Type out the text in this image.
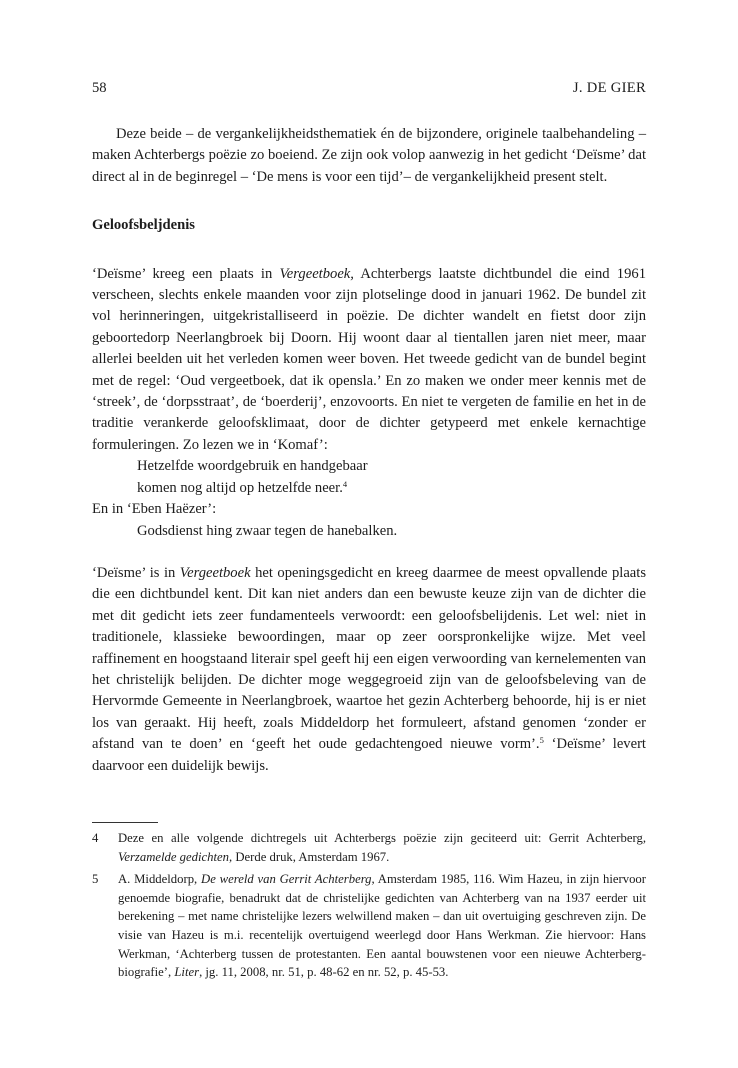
58	J. DE GIER

Deze beide – de vergankelijkheidsthematiek én de bijzondere, originele taalbehandeling – maken Achterbergs poëzie zo boeiend. Ze zijn ook volop aanwezig in het gedicht ‘Deïsme’ dat direct al in de beginregel – ‘De mens is voor een tijd’– de vergankelijkheid present stelt.

Geloofsbeljdenis

‘Deïsme’ kreeg een plaats in Vergeetboek, Achterbergs laatste dichtbundel die eind 1961 verscheen, slechts enkele maanden voor zijn plotselinge dood in januari 1962. De bundel zit vol herinneringen, uitgekristalliseerd in poëzie. De dichter wandelt en fietst door zijn geboortedorp Neerlangbroek bij Doorn. Hij woont daar al tientallen jaren niet meer, maar allerlei beelden uit het verleden komen weer boven. Het tweede gedicht van de bundel begint met de regel: ‘Oud vergeetboek, dat ik opensla.’ En zo maken we onder meer kennis met de ‘streek’, de ‘dorpsstraat’, de ‘boerderij’, enzovoorts. En niet te vergeten de familie en het in de traditie verankerde geloofsklimaat, door de dichter getypeerd met enkele kernachtige formuleringen. Zo lezen we in ‘Komaf’:

Hetzelfde woordgebruik en handgebaar

komen nog altijd op hetzelfde neer.$^4$

En in ‘Eben Haëzer’:

Godsdienst hing zwaar tegen de hanebalken.

‘Deïsme’ is in Vergeetboek het openingsgedicht en kreeg daarmee de meest opvallende plaats die een dichtbundel kent. Dit kan niet anders dan een bewuste keuze zijn van de dichter die met dit gedicht iets zeer fundamenteels verwoordt: een geloofsbelijdenis. Let wel: niet in traditionele, klassieke bewoordingen, maar op zeer oorspronkelijke wijze. Met veel raffinement en hoogstaand literair spel geeft hij een eigen verwoording van kernelementen van het christelijk belijden. De dichter moge weggegroeid zijn van de geloofsbeleving van de Hervormde Gemeente in Neerlangbroek, waartoe het gezin Achterberg behoorde, hij is er niet los van geraakt. Hij heeft, zoals Middeldorp het formuleert, afstand genomen ‘zonder er afstand van te doen’ en ‘geeft het oude gedachtengoed nieuwe vorm’.$^5$ ‘Deïsme’ levert daarvoor een duidelijk bewijs.

4 Deze en alle volgende dichtregels uit Achterbergs poëzie zijn geciteerd uit: Gerrit Achterberg, Verzamelde gedichten, Derde druk, Amsterdam 1967.
5 A. Middeldorp, De wereld van Gerrit Achterberg, Amsterdam 1985, 116. Wim Hazeu, in zijn hiervoor genoemde biografie, benadrukt dat de christelijke gedichten van Achterberg van na 1937 eerder uit berekening – met name christelijke lezers welwillend maken – dan uit overtuiging geschreven zijn. De visie van Hazeu is m.i. recentelijk overtuigend weerlegd door Hans Werkman. Zie hiervoor: Hans Werkman, ‘Achterberg tussen de protestanten. Een aantal bouwstenen voor een nieuwe Achterberg-biografie’, Liter, jg. 11, 2008, nr. 51, p. 48-62 en nr. 52, p. 45-53.
